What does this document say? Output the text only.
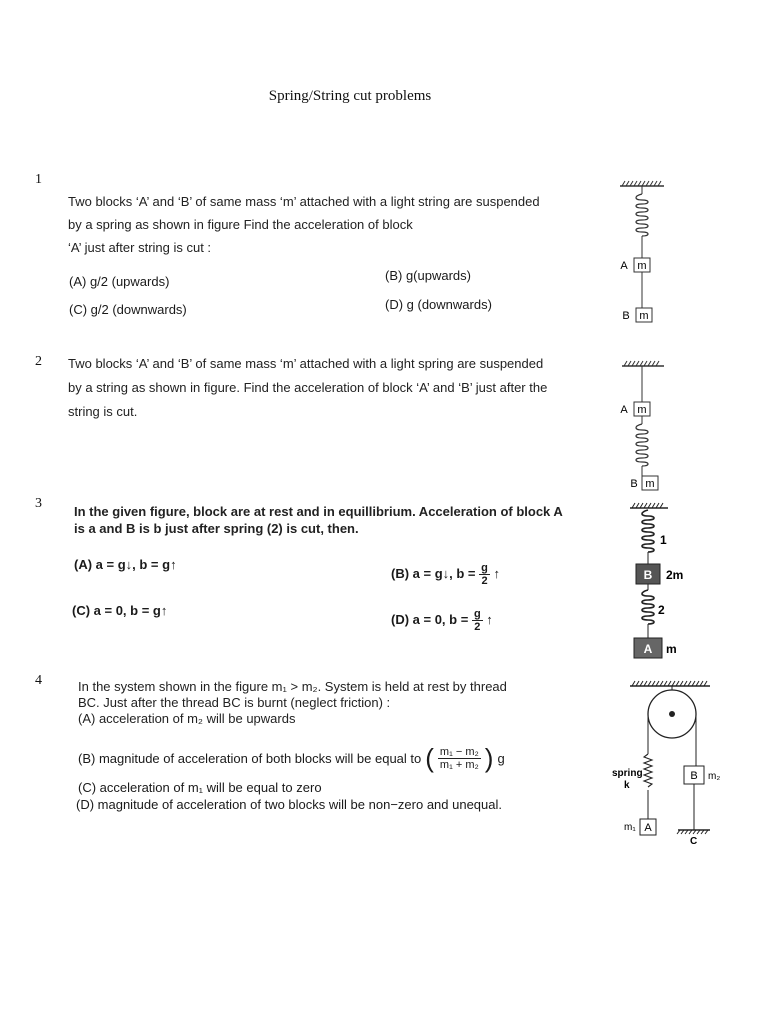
Spring/String cut problems
1

Two blocks ‘A’ and ‘B’ of same mass ‘m’ attached with a light string are suspended

by a spring as shown in figure Find the acceleration of block

‘A’ just after string is cut :

(A) g/2 (upwards)	(B) g(upwards)
(C) g/2 (downwards)	(D) g (downwards)
m
A
m
B
2 Two blocks ‘A’ and ‘B’ of same mass ‘m’ attached with a light spring are suspended

by a string as shown in figure. Find the acceleration of block ‘A’ and ‘B’ just after the

string is cut.	m
A
m
B
3

In the given figure, block are at rest and in equillibrium. Acceleration of block A

is a and B is b just after spring (2) is cut, then.

(A) a = g↓, b = g↑
(B) a = g↓, $b = \frac{g}{2}$ ↑
(C) a = 0, b = g↑
(D) a = 0, $b = \frac{g}{2}$ ↑
1
B 2m
2
A m
4	In the system shown in the figure m₁ > m₂. System is held at rest by thread

BC. Just after the thread BC is burnt (neglect friction) :

(A) acceleration of m₂ will be upwards

(B) magnitude of acceleration of both blocks will be equal to ( $\frac{\text{m₁ − m₂}}{\text{m₁ + m₂}}$ ) g
(C) acceleration of m₁ will be equal to zero
(D) magnitude of acceleration of two blocks will be non−zero and unequal.
spring
k
A
m₁
B m₂
C
